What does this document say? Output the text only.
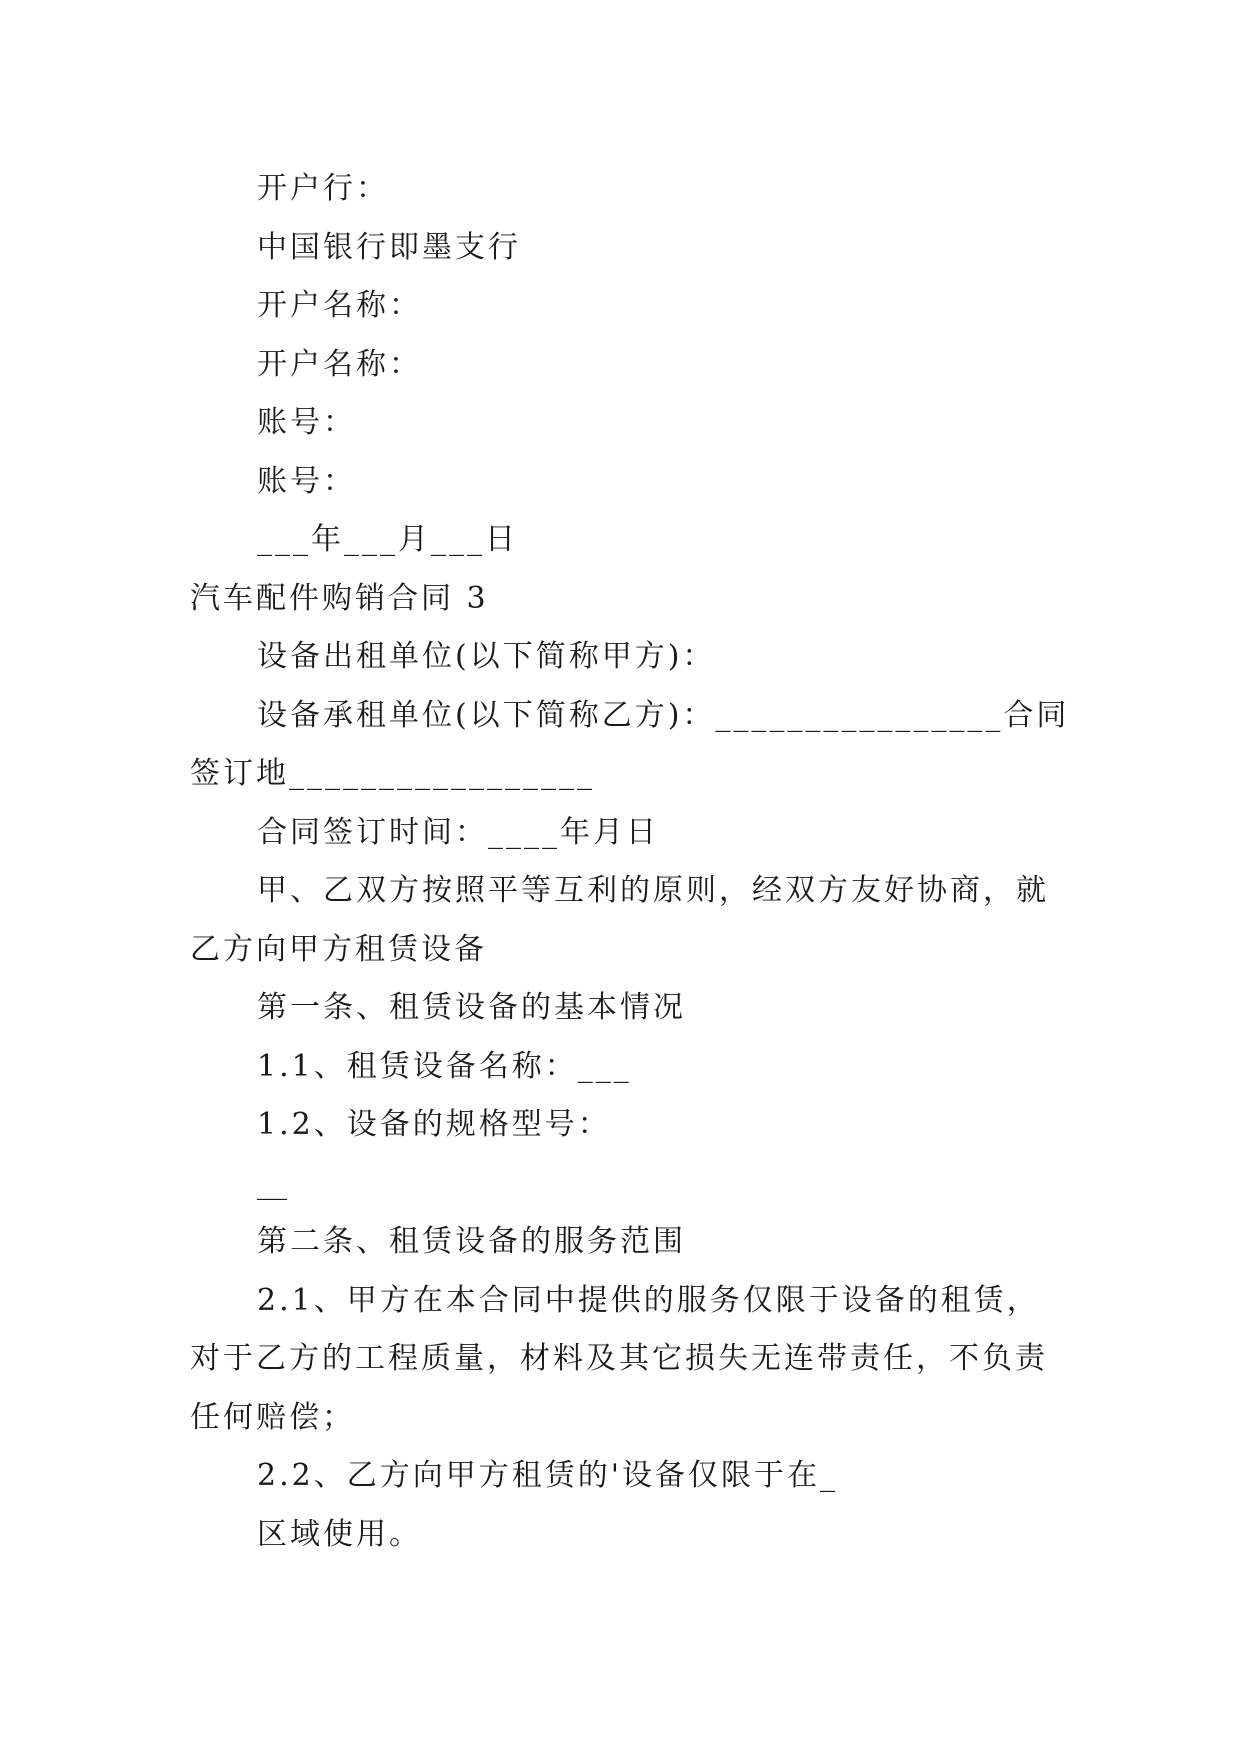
开户行：
中国银行即墨支行
开户名称：
开户名称：
账号：
账号：
___年___月___日
汽车配件购销合同 3
设备出租单位(以下简称甲方)：
设备承租单位(以下简称乙方)：________________合同
签订地_________________
合同签订时间：____年月日
甲、乙双方按照平等互利的原则，经双方友好协商，就
乙方向甲方租赁设备
第一条、租赁设备的基本情况
1.1、租赁设备名称：___
1.2、设备的规格型号：
__
第二条、租赁设备的服务范围
2.1、甲方在本合同中提供的服务仅限于设备的租赁，
对于乙方的工程质量，材料及其它损失无连带责任，不负责
任何赔偿；
2.2、乙方向甲方租赁的'设备仅限于在_
区域使用。
